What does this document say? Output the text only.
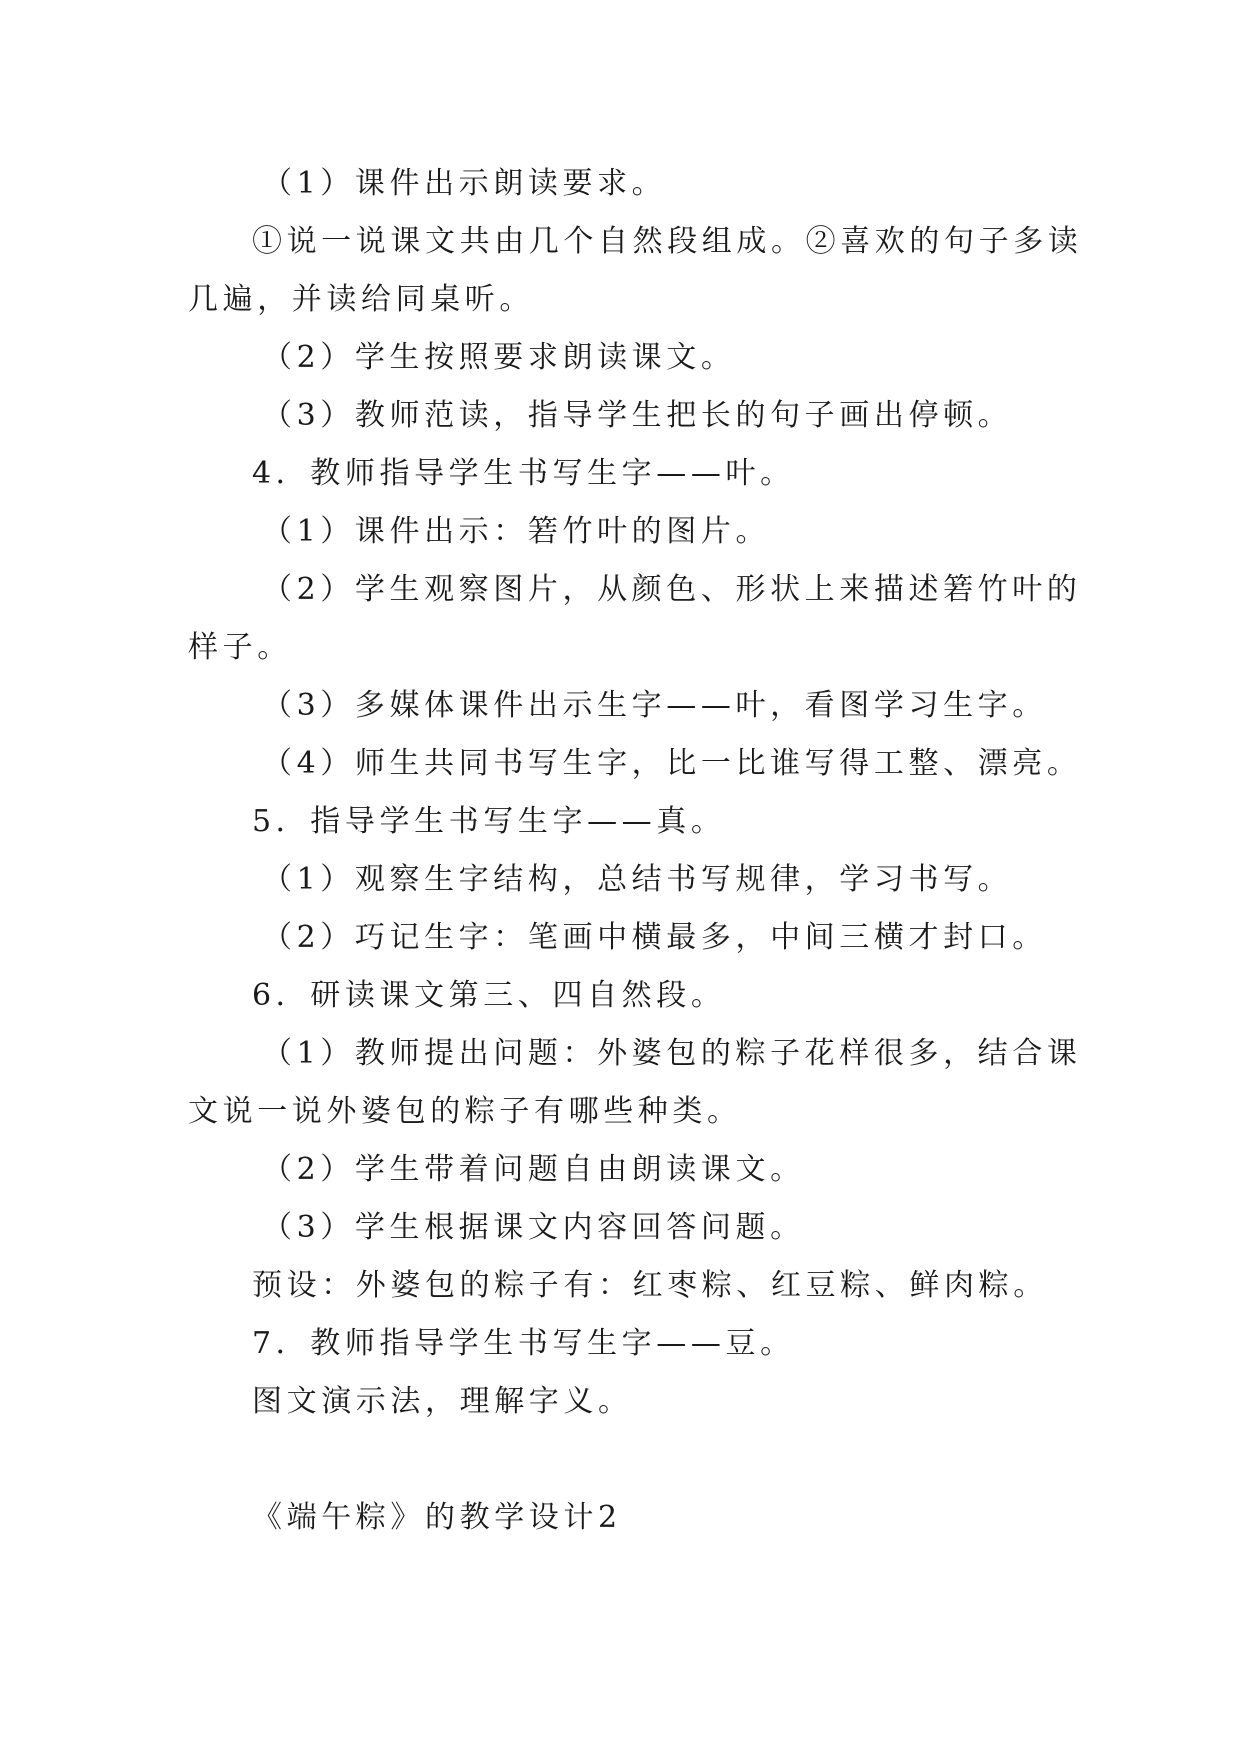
（1）课件出示朗读要求。
①说一说课文共由几个自然段组成。②喜欢的句子多读
几遍，并读给同桌听。
（2）学生按照要求朗读课文。
（3）教师范读，指导学生把长的句子画出停顿。
4．教师指导学生书写生字——叶。
（1）课件出示：箬竹叶的图片。
（2）学生观察图片，从颜色、形状上来描述箬竹叶的
样子。
（3）多媒体课件出示生字——叶，看图学习生字。
（4）师生共同书写生字，比一比谁写得工整、漂亮。
5．指导学生书写生字——真。
（1）观察生字结构，总结书写规律，学习书写。
（2）巧记生字：笔画中横最多，中间三横才封口。
6．研读课文第三、四自然段。
（1）教师提出问题：外婆包的粽子花样很多，结合课
文说一说外婆包的粽子有哪些种类。
（2）学生带着问题自由朗读课文。
（3）学生根据课文内容回答问题。
预设：外婆包的粽子有：红枣粽、红豆粽、鲜肉粽。
7．教师指导学生书写生字——豆。
图文演示法，理解字义。
《端午粽》的教学设计2
